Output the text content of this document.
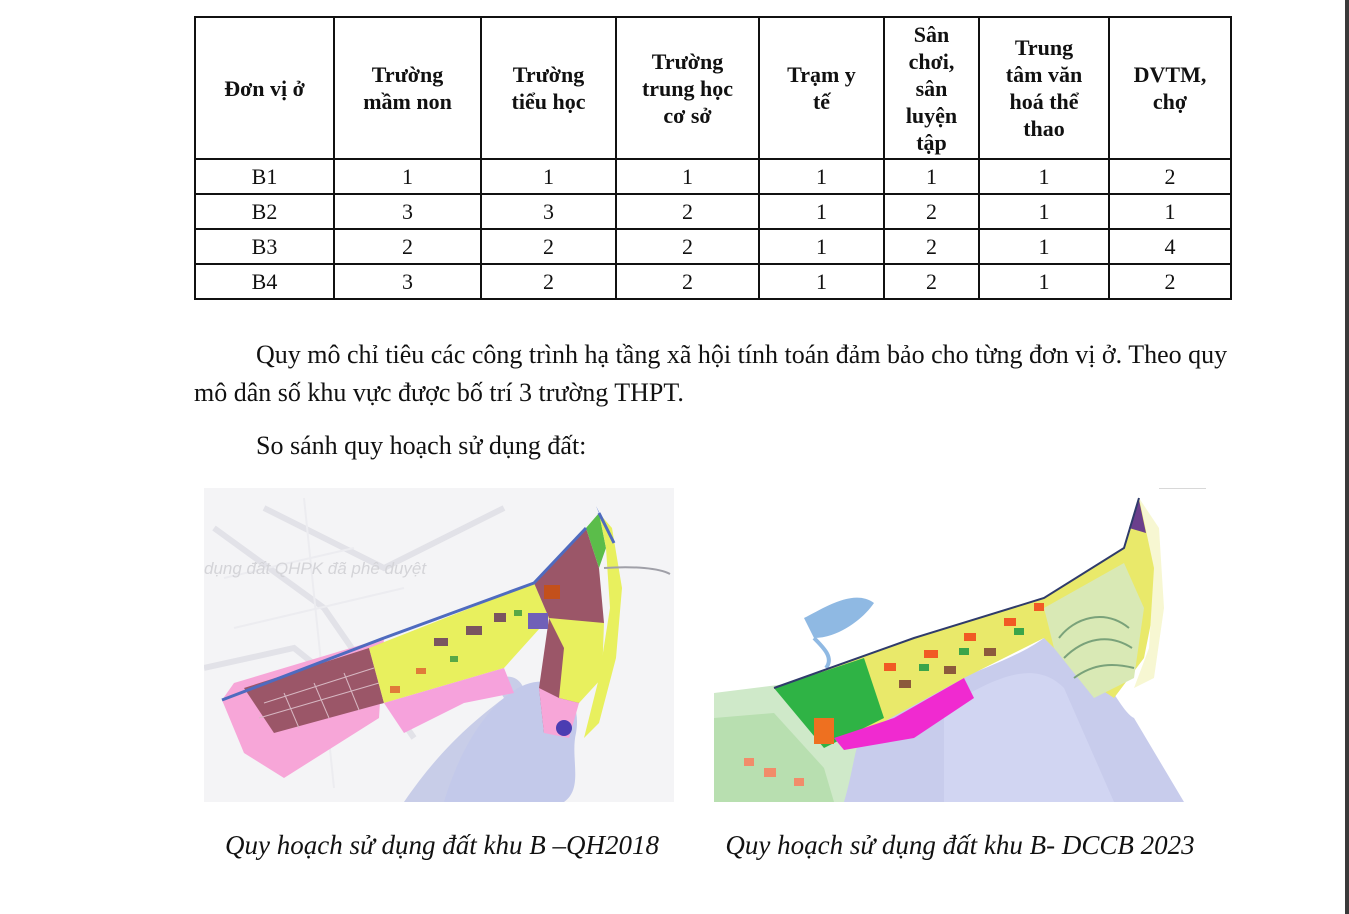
Đơn vị ở	Trường mầm non	Trường tiểu học	Trường trung học cơ sở	Trạm y tế	Sân chơi, sân luyện tập	Trung tâm văn hoá thể thao	DVTM, chợ

B1	1	1	1	1	1	1	2
B2	3	3	2	1	2	1	1
B3	2	2	2	1	2	1	4
B4	3	2	2	1	2	1	2

Quy mô chỉ tiêu các công trình hạ tầng xã hội tính toán đảm bảo cho từng đơn vị ở. Theo quy mô dân số khu vực được bố trí 3 trường THPT.

So sánh quy hoạch sử dụng đất:

dụng đất QHPK đã phê duyệt
Quy hoạch sử dụng đất khu B –QH2018	Quy hoạch sử dụng đất khu B- DCCB 2023
